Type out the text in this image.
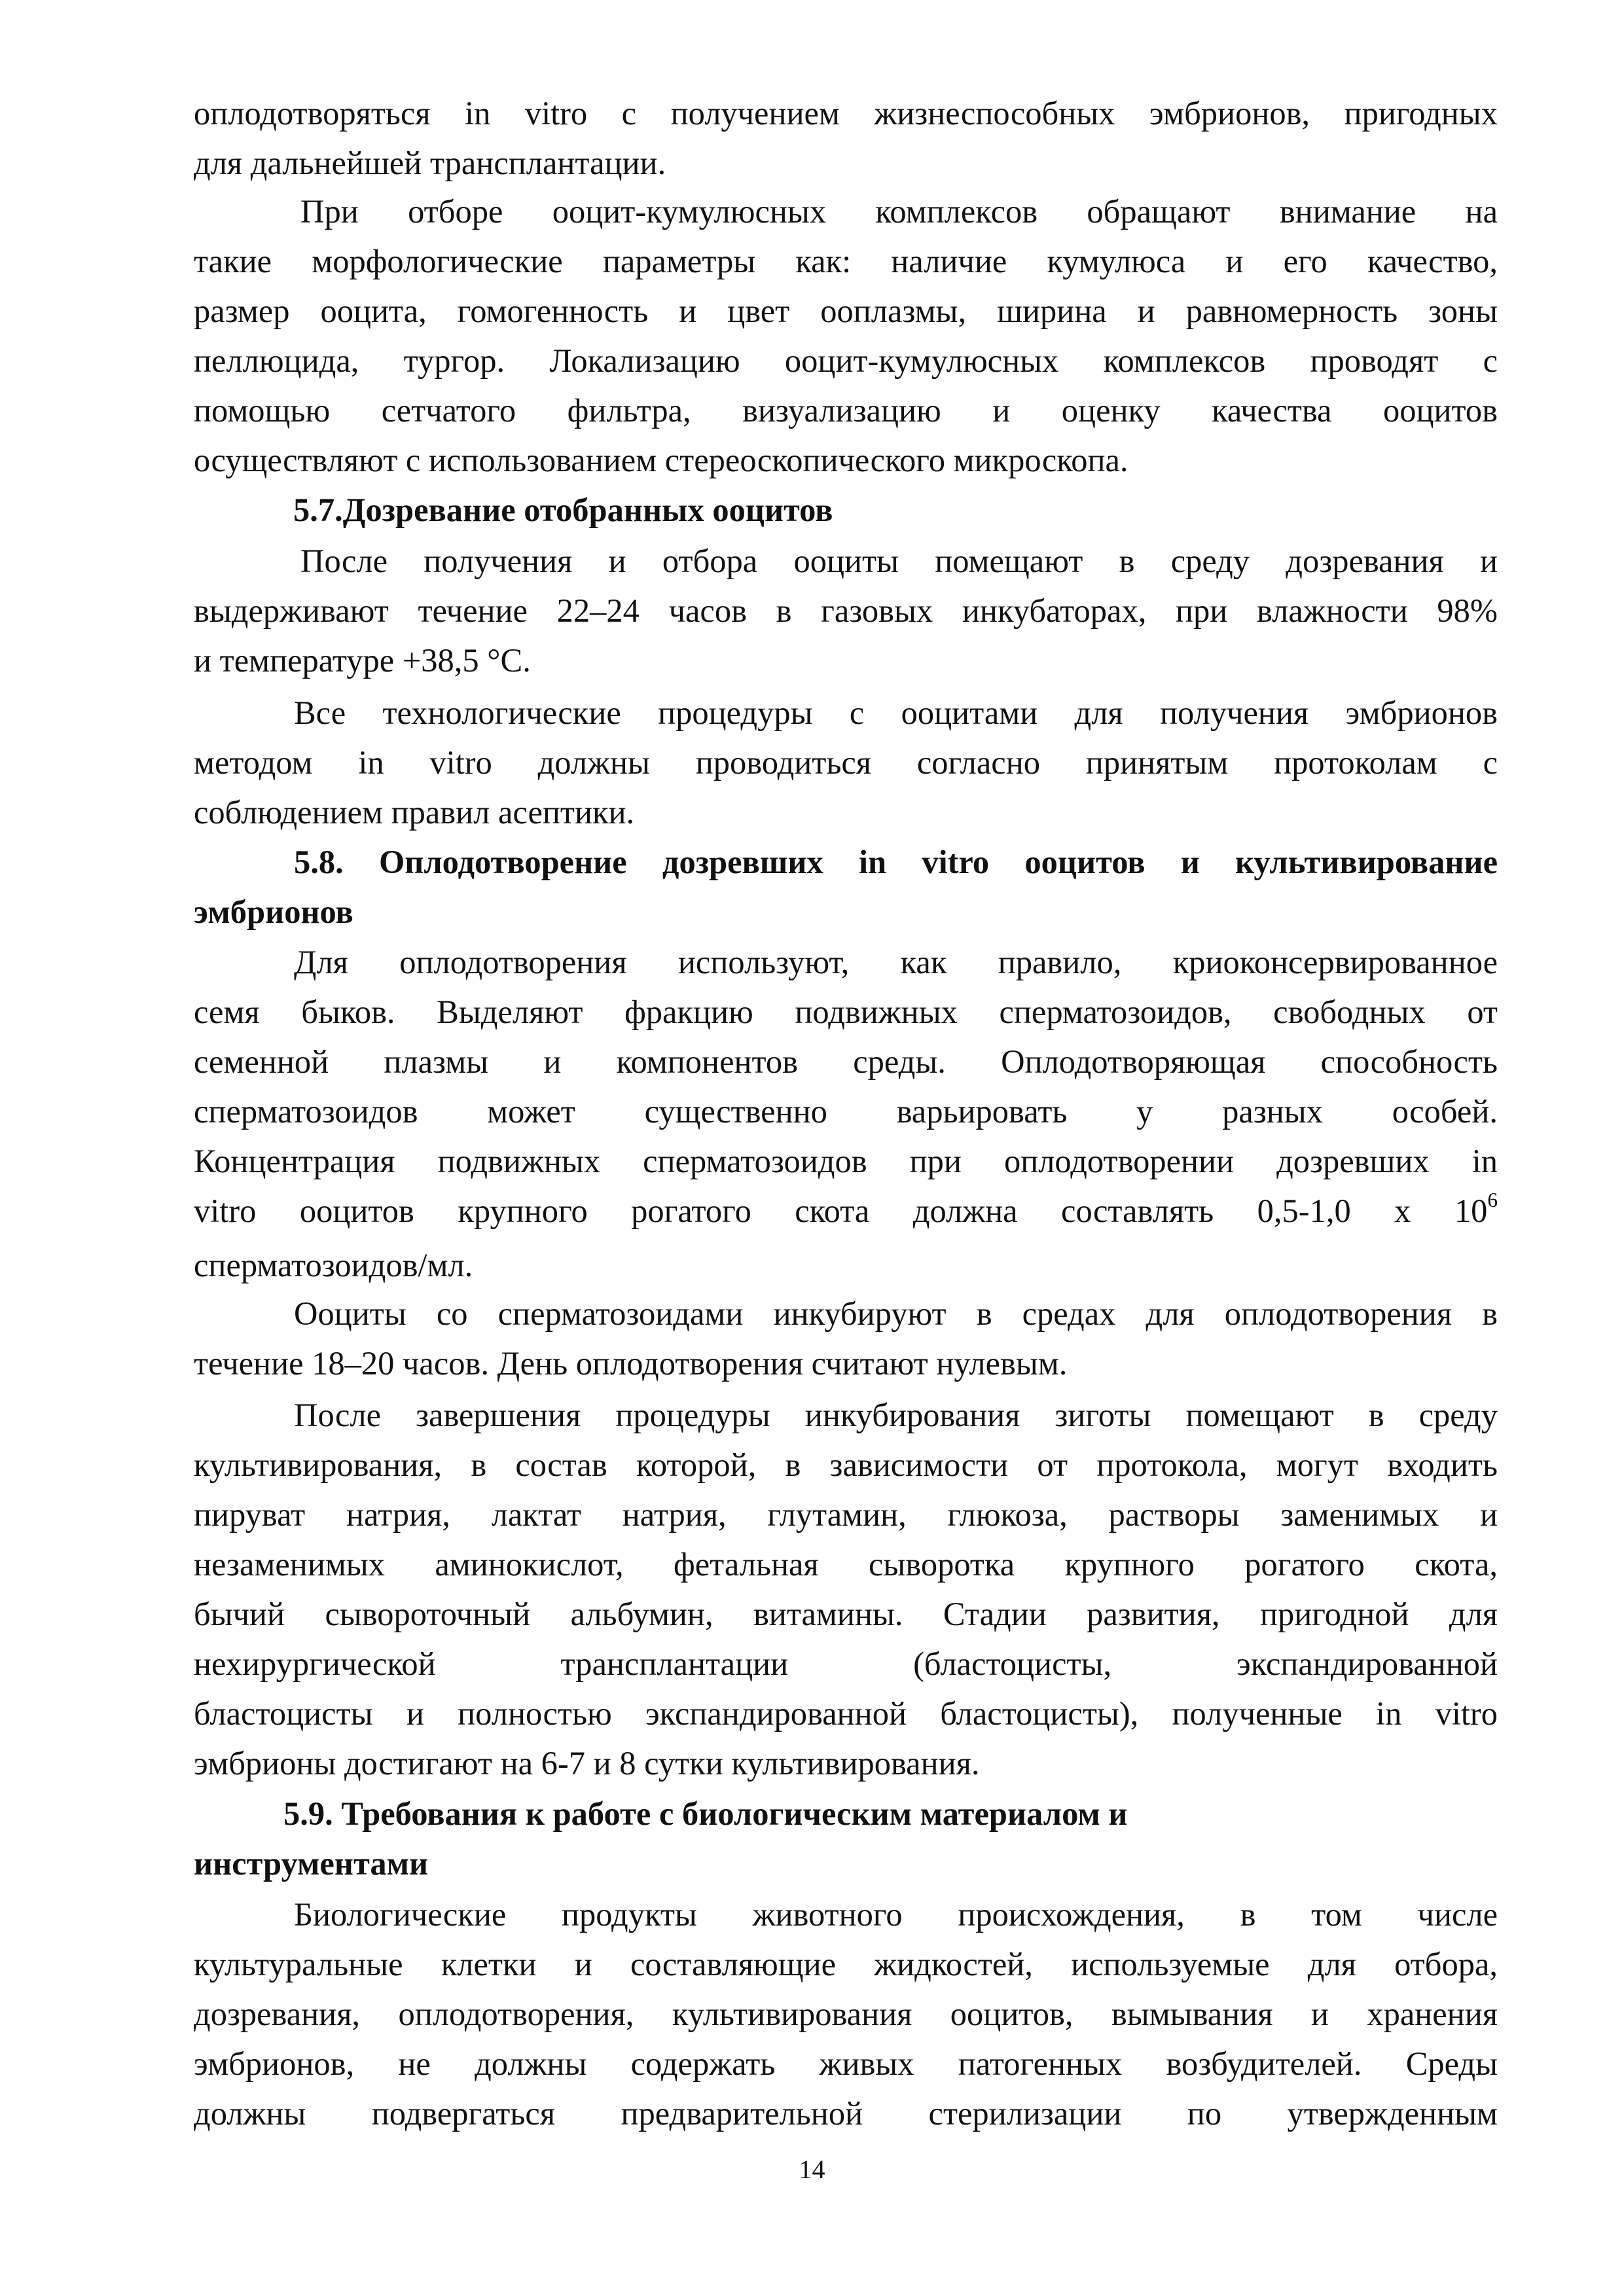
оплодотворяться in vitro с получением жизнеспособных эмбрионов, пригодных
для дальнейшей трансплантации.
При отборе ооцит-кумулюсных комплексов обращают внимание на
такие морфологические параметры как: наличие кумулюса и его качество,
размер ооцита, гомогенность и цвет ооплазмы, ширина и равномерность зоны
пеллюцида, тургор. Локализацию ооцит-кумулюсных комплексов проводят с
помощью сетчатого фильтра, визуализацию и оценку качества ооцитов
осуществляют с использованием стереоскопического микроскопа.
5.7.Дозревание отобранных ооцитов
После получения и отбора ооциты помещают в среду дозревания и
выдерживают течение 22–24 часов в газовых инкубаторах, при влажности 98%
и температуре +38,5 °С.
Все технологические процедуры с ооцитами для получения эмбрионов
методом in vitro должны проводиться согласно принятым протоколам с
соблюдением правил асептики.
5.8. Оплодотворение дозревших in vitro ооцитов и культивирование
эмбрионов
Для оплодотворения используют, как правило, криоконсервированное
семя быков. Выделяют фракцию подвижных сперматозоидов, свободных от
семенной плазмы и компонентов среды. Оплодотворяющая способность
сперматозоидов может существенно варьировать у разных особей.
Концентрация подвижных сперматозоидов при оплодотворении дозревших in
vitro ооцитов крупного рогатого скота должна составлять 0,5-1,0 х $10^6$
сперматозоидов/мл.
Ооциты со сперматозоидами инкубируют в средах для оплодотворения в
течение 18–20 часов. День оплодотворения считают нулевым.
После завершения процедуры инкубирования зиготы помещают в среду
культивирования, в состав которой, в зависимости от протокола, могут входить
пируват натрия, лактат натрия, глутамин, глюкоза, растворы заменимых и
незаменимых аминокислот, фетальная сыворотка крупного рогатого скота,
бычий сывороточный альбумин, витамины. Стадии развития, пригодной для
нехирургической трансплантации (бластоцисты, экспандированной
бластоцисты и полностью экспандированной бластоцисты), полученные in vitro
эмбрионы достигают на 6-7 и 8 сутки культивирования.
5.9. Требования к работе с биологическим материалом и
инструментами
Биологические продукты животного происхождения, в том числе
культуральные клетки и составляющие жидкостей, используемые для отбора,
дозревания, оплодотворения, культивирования ооцитов, вымывания и хранения
эмбрионов, не должны содержать живых патогенных возбудителей. Среды
должны подвергаться предварительной стерилизации по утвержденным
14
